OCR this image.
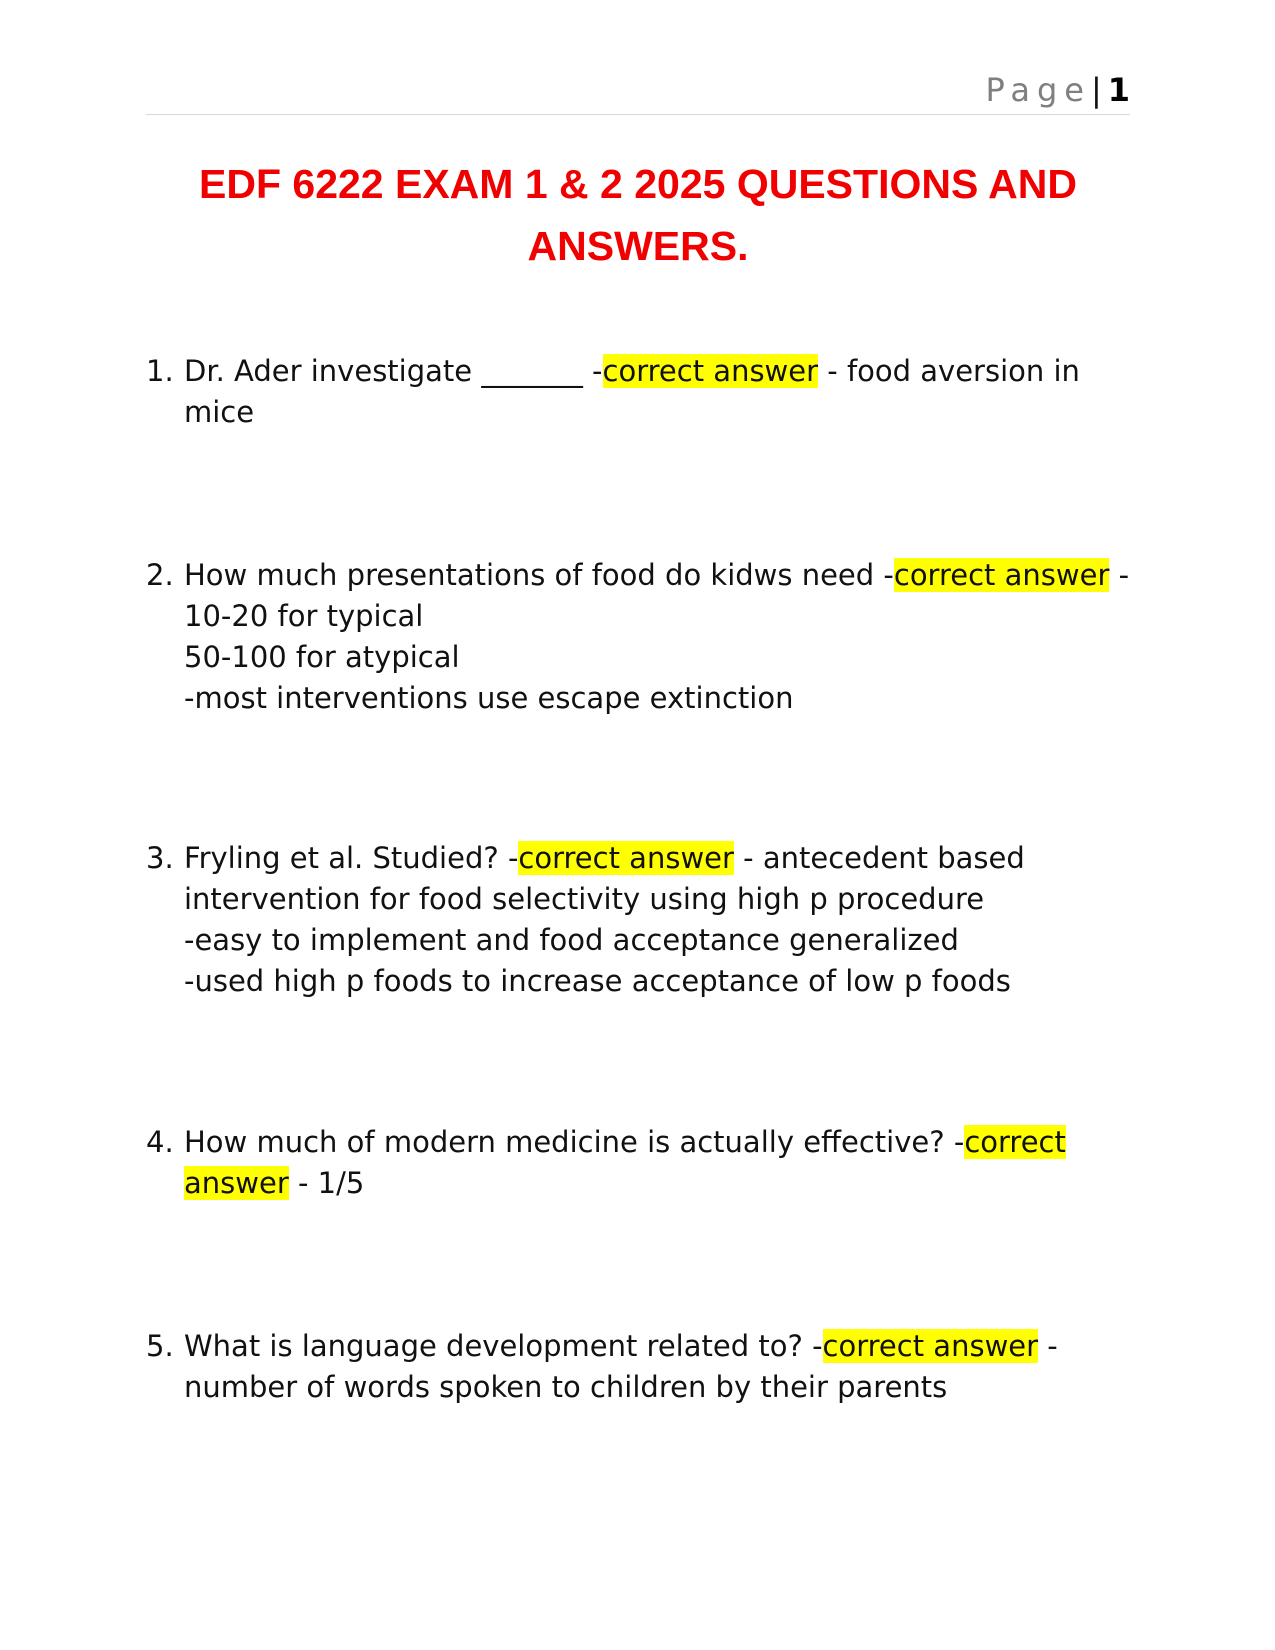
Page| 1
EDF 6222 EXAM 1 & 2 2025 QUESTIONS AND ANSWERS.
1. Dr. Ader investigate _______ -correct answer - food aversion in mice
2. How much presentations of food do kidws need -correct answer - 10-20 for typical
50-100 for atypical
-most interventions use escape extinction
3. Fryling et al. Studied? -correct answer - antecedent based intervention for food selectivity using high p procedure
-easy to implement and food acceptance generalized
-used high p foods to increase acceptance of low p foods
4. How much of modern medicine is actually effective? -correct answer - 1/5
5. What is language development related to? -correct answer - number of words spoken to children by their parents
